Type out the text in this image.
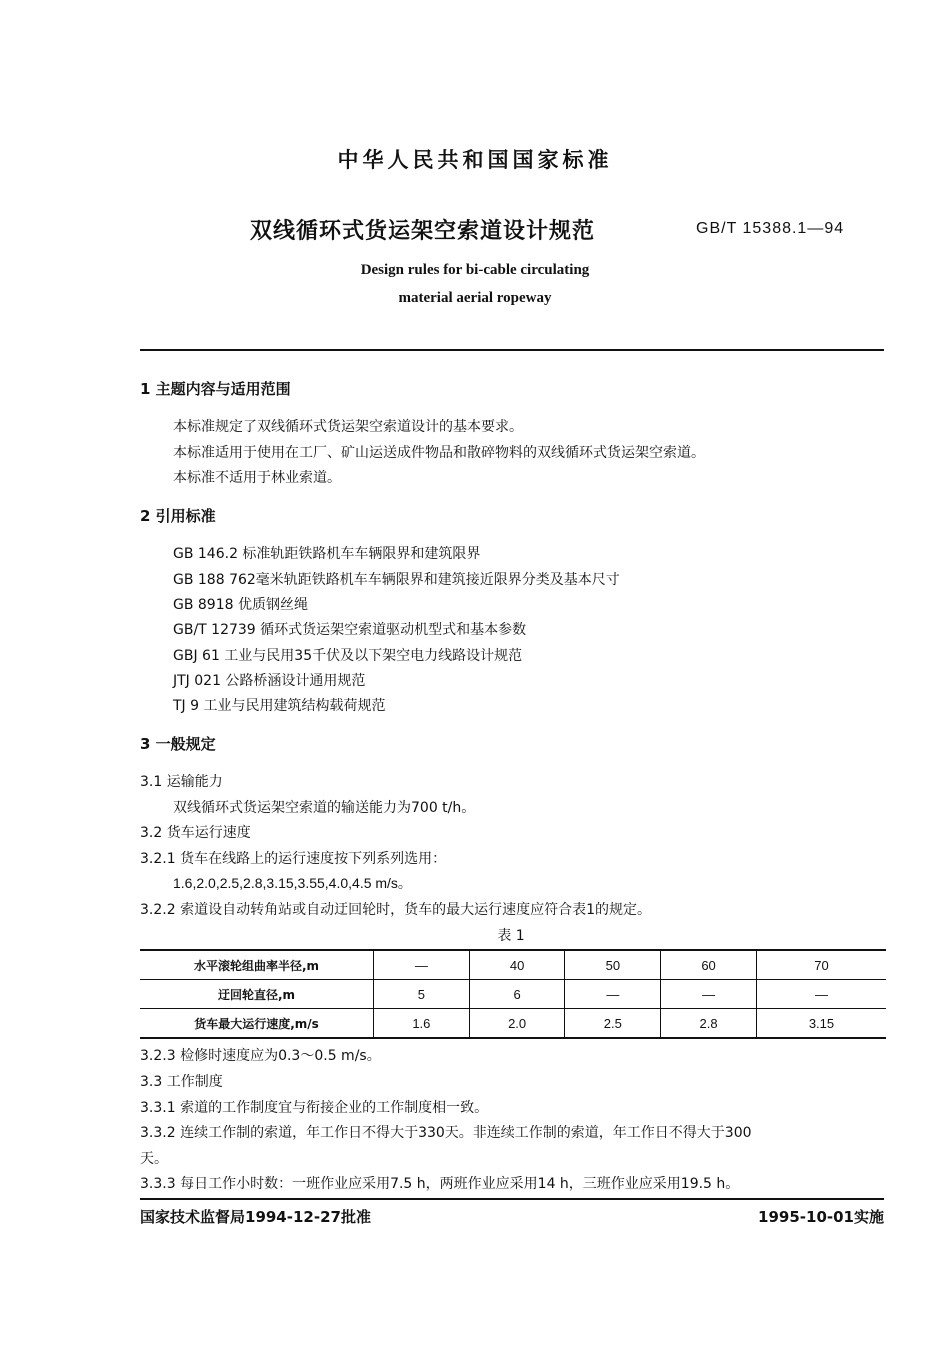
中华人民共和国国家标准
双线循环式货运架空索道设计规范	GB/T 15388.1—94
Design rules for bi-cable circulating
material aerial ropeway
1 主题内容与适用范围
本标准规定了双线循环式货运架空索道设计的基本要求。
本标准适用于使用在工厂、矿山运送成件物品和散碎物料的双线循环式货运架空索道。
本标准不适用于林业索道。
2 引用标准
GB 146.2 标准轨距铁路机车车辆限界和建筑限界
GB 188 762毫米轨距铁路机车车辆限界和建筑接近限界分类及基本尺寸
GB 8918 优质钢丝绳
GB/T 12739 循环式货运架空索道驱动机型式和基本参数
GBJ 61 工业与民用35千伏及以下架空电力线路设计规范
JTJ 021 公路桥涵设计通用规范
TJ 9 工业与民用建筑结构载荷规范
3 一般规定
3.1 运输能力
双线循环式货运架空索道的输送能力为700 t/h。
3.2 货车运行速度
3.2.1 货车在线路上的运行速度按下列系列选用：
1.6,2.0,2.5,2.8,3.15,3.55,4.0,4.5 m/s。
3.2.2 索道设自动转角站或自动迂回轮时，货车的最大运行速度应符合表1的规定。
表 1
水平滚轮组曲率半径,m	—	40	50	60	70
迂回轮直径,m	5	6	—	—	—
货车最大运行速度,m/s	1.6	2.0	2.5	2.8	3.15
3.2.3 检修时速度应为0.3～0.5 m/s。
3.3 工作制度
3.3.1 索道的工作制度宜与衔接企业的工作制度相一致。
3.3.2 连续工作制的索道，年工作日不得大于330天。非连续工作制的索道，年工作日不得大于300
天。
3.3.3 每日工作小时数：一班作业应采用7.5 h，两班作业应采用14 h，三班作业应采用19.5 h。
国家技术监督局1994-12-27批准	1995-10-01实施
